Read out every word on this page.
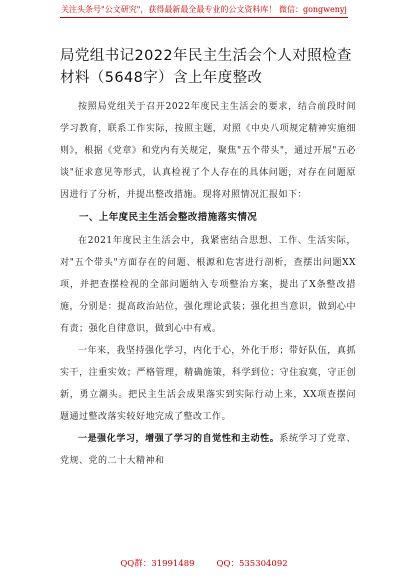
关注头条号"公文研究"，获得最新最全最专业的公文资料库！ 微信：gongwenyj
局党组书记2022年民主生活会个人对照检查材料（5648字）含上年度整改

按照局党组关于召开2022年度民主生活会的要求，结合前段时间学习教育，联系工作实际，按照主题，对照《中央八项规定精神实施细则》，根据《党章》和党内有关规定，聚焦"五个带头"，通过开展"五必谈"征求意见等形式，认真检视了个人存在的具体问题，对存在问题原因进行了分析，并提出整改措施。现将对照情况汇报如下：

一、上年度民主生活会整改措施落实情况

在2021年度民主生活会中，我紧密结合思想、工作、生活实际，对"五个带头"方面存在的问题、根源和危害进行剖析，查摆出问题XX项，并把查摆检视的全部问题纳入专项整治方案，提出了X条整改措施，分别是：提高政治站位，强化理论武装；强化担当意识，做到心中有责；强化自律意识，做到心中有戒。

一年来，我坚持强化学习，内化于心，外化于形；带好队伍，真抓实干，注重实效；严格管理，精确施策，科学到位；守住寂寞，守正创新，勇立潮头。把民主生活会成果落实到实际行动上来，XX项查摆问题通过整改落实较好地完成了整改工作。

一是强化学习，增强了学习的自觉性和主动性。系统学习了党章、党规、党的二十大精神和

QQ群：31991489	QQ：535304092
